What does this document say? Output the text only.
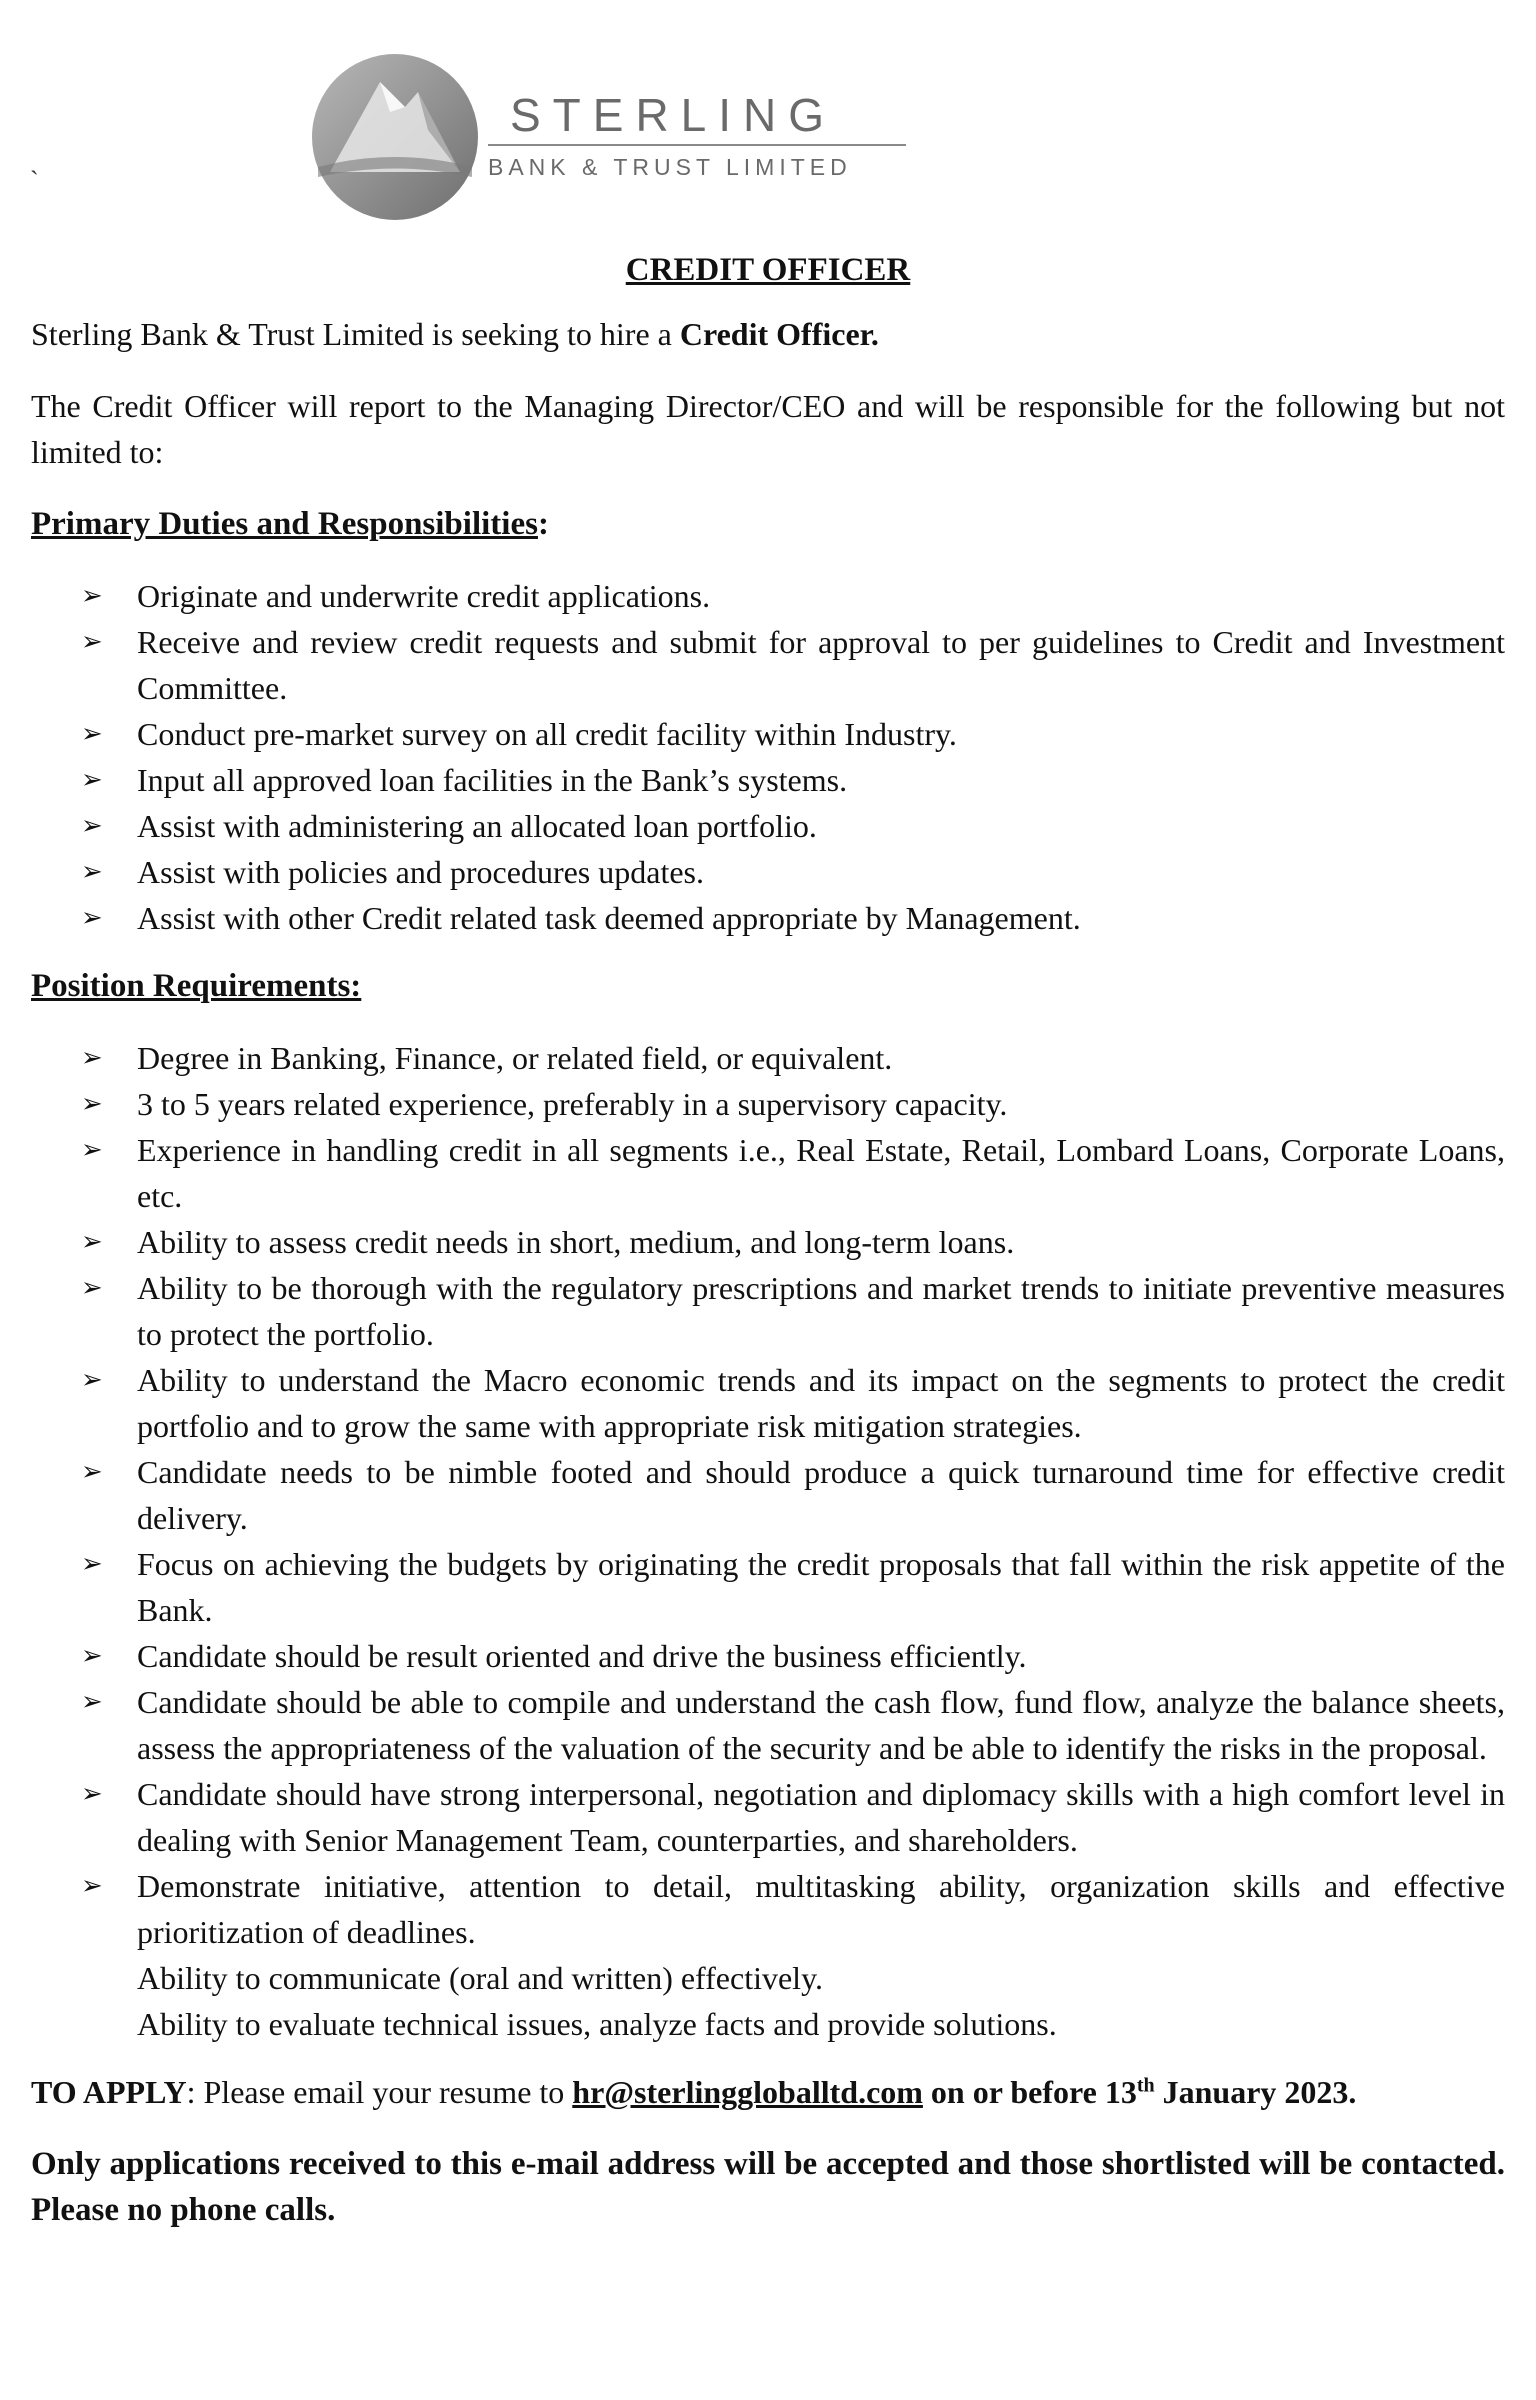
STERLING
BANK & TRUST LIMITED
`
CREDIT OFFICER

Sterling Bank & Trust Limited is seeking to hire a Credit Officer.

The Credit Officer will report to the Managing Director/CEO and will be responsible for the following but not limited to:

Primary Duties and Responsibilities:
➢ Originate and underwrite credit applications.
➢ Receive and review credit requests and submit for approval to per guidelines to Credit and Investment Committee.
➢ Conduct pre-market survey on all credit facility within Industry.
➢ Input all approved loan facilities in the Bank’s systems.
➢ Assist with administering an allocated loan portfolio.
➢ Assist with policies and procedures updates.
➢ Assist with other Credit related task deemed appropriate by Management.
Position Requirements:
➢ Degree in Banking, Finance, or related field, or equivalent.
➢ 3 to 5 years related experience, preferably in a supervisory capacity.
➢ Experience in handling credit in all segments i.e., Real Estate, Retail, Lombard Loans, Corporate Loans, etc.
➢ Ability to assess credit needs in short, medium, and long-term loans.
➢ Ability to be thorough with the regulatory prescriptions and market trends to initiate preventive measures to protect the portfolio.
➢ Ability to understand the Macro economic trends and its impact on the segments to protect the credit portfolio and to grow the same with appropriate risk mitigation strategies.
➢ Candidate needs to be nimble footed and should produce a quick turnaround time for effective credit delivery.
➢ Focus on achieving the budgets by originating the credit proposals that fall within the risk appetite of the Bank.
➢ Candidate should be result oriented and drive the business efficiently.
➢ Candidate should be able to compile and understand the cash flow, fund flow, analyze the balance sheets, assess the appropriateness of the valuation of the security and be able to identify the risks in the proposal.
➢ Candidate should have strong interpersonal, negotiation and diplomacy skills with a high comfort level in dealing with Senior Management Team, counterparties, and shareholders.
➢ Demonstrate initiative, attention to detail, multitasking ability, organization skills and effective prioritization of deadlines.
Ability to communicate (oral and written) effectively.
Ability to evaluate technical issues, analyze facts and provide solutions.

TO APPLY: Please email your resume to hr@sterlinggloballtd.com on or before 13th January 2023.

Only applications received to this e-mail address will be accepted and those shortlisted will be contacted. Please no phone calls.
